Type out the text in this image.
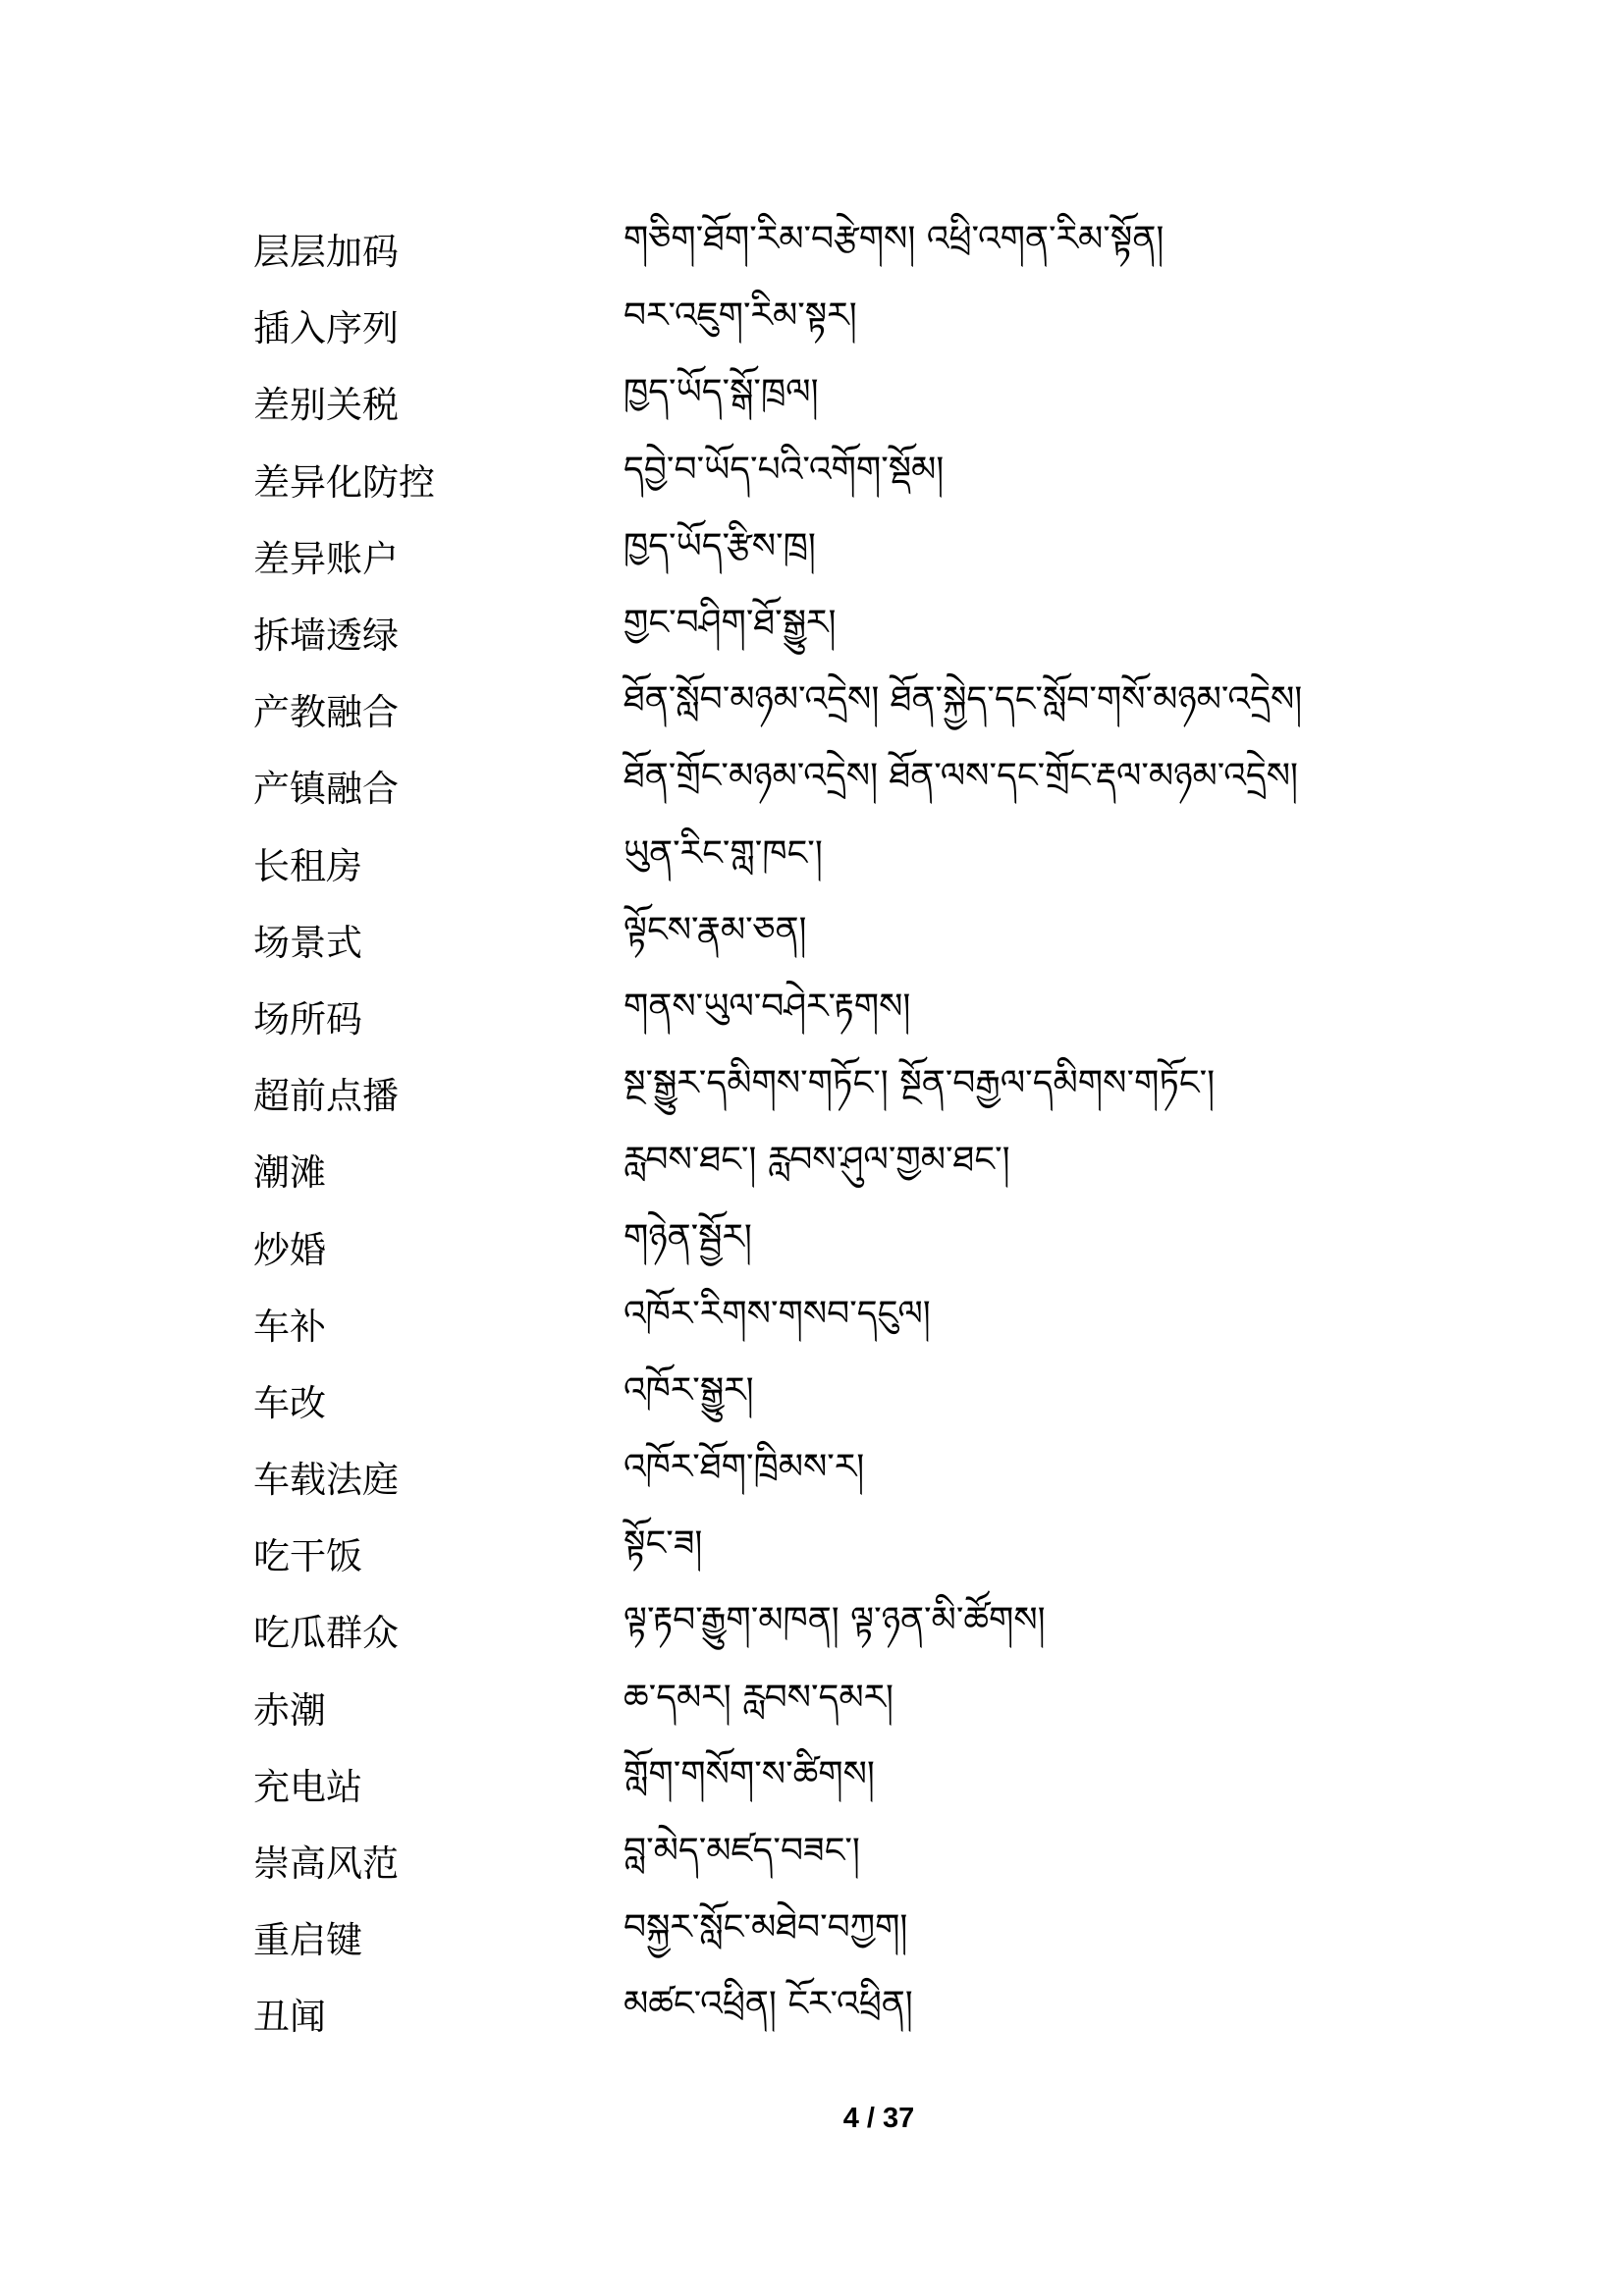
层层加码	གཅིག་ཐོག་རིམ་བརྩེགས། འཕྲི་འགན་རིམ་སྟོན།
插入序列	བར་འཇུག་རིམ་སྟར།
差别关税	ཁྱད་ཡོད་སྒོ་ཁྲལ།
差异化防控	དབྱེ་བ་ཡོད་པའི་འགོག་སྡོམ།
差异账户	ཁྱད་ཡོད་རྩིས་ཁྲ།
拆墙透绿	གྱང་བཤིག་ཐོ་སྒྱུར།
产教融合	ཐོན་སློབ་མཉམ་འདྲེས། ཐོན་སྐྱེད་དང་སློབ་གསོ་མཉམ་འདྲེས།
产镇融合	ཐོན་གྲོང་མཉམ་འདྲེས། ཐོན་ལས་དང་གྲོང་རྡལ་མཉམ་འདྲེས།
长租房	ཡུན་རིང་གླ་ཁང་།
场景式	ལྟོངས་རྣམ་ཅན།
场所码	གནས་ཡུལ་བཤེར་རྟགས།
超前点播	སྔ་སྒྱུར་དམིགས་གཏོང་། སྔོན་བརྒྱལ་དམིགས་གཏོང་།
潮滩	རླབས་ཐང་། རླབས་ཤུལ་གྱམ་ཐང་།
炒婚	གཉེན་སྦྱོར།
车补	འཁོར་རིགས་གསབ་དངུལ།
车改	འཁོར་སྒྱུར།
车载法庭	འཁོར་ཐོག་ཁྲིམས་ར།
吃干饭	སྟོང་ཟ།
吃瓜群众	ལྟ་རྟབ་རྒྱུག་མཁན། ལྟ་ཉན་མི་ཚོགས།
赤潮	ཆ་དམར། རླབས་དམར།
充电站	གློག་གསོག་ས་ཚིགས།
崇高风范	བླ་མེད་མཛད་བཟང་།
重启键	བསྐྱར་སློང་མཐེབ་བཀྱག།
丑闻	མཚང་འཕྲིན། ངོར་འཕྲིན།
4 / 37
